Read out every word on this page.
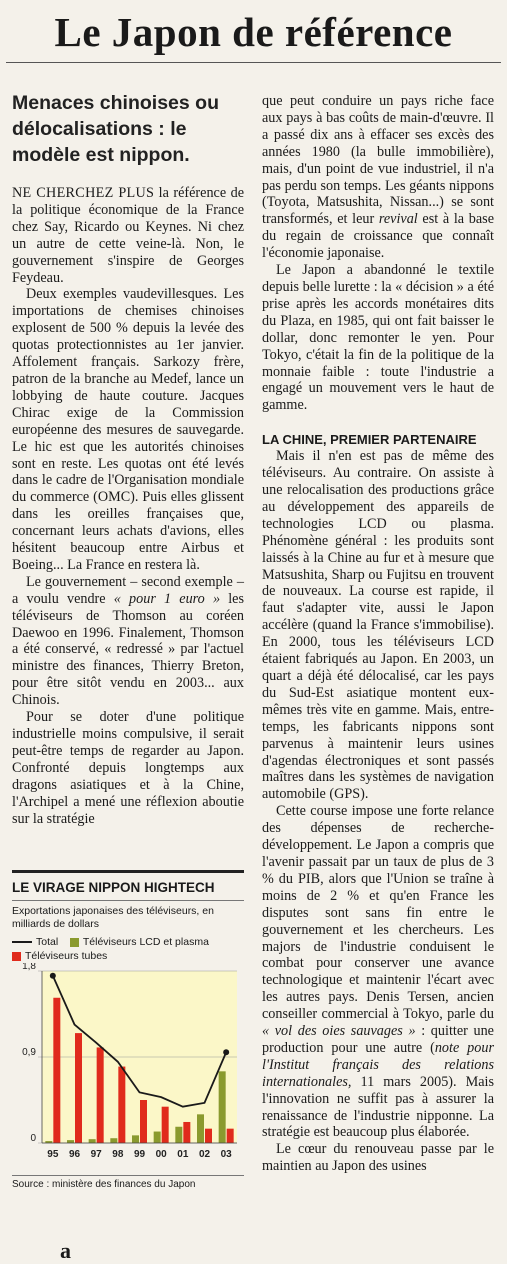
Le Japon de référence
Menaces chinoises ou délocalisations : le modèle est nippon.

NE CHERCHEZ PLUS la référence de la politique économique de la France chez Say, Ricardo ou Keynes. Ni chez un autre de cette veine-là. Non, le gouvernement s'inspire de Georges Feydeau.

Deux exemples vaudevillesques. Les importations de chemises chinoises explosent de 500 % depuis la levée des quotas protectionnistes au 1er janvier. Affolement français. Sarkozy frère, patron de la branche au Medef, lance un lobbying de haute couture. Jacques Chirac exige de la Commission européenne des mesures de sauvegarde. Le hic est que les autorités chinoises sont en reste. Les quotas ont été levés dans le cadre de l'Organisation mondiale du commerce (OMC). Puis elles glissent dans les oreilles françaises que, concernant leurs achats d'avions, elles hésitent beaucoup entre Airbus et Boeing... La France en restera là.

Le gouvernement – second exemple – a voulu vendre « pour 1 euro » les téléviseurs de Thomson au coréen Daewoo en 1996. Finalement, Thomson a été conservé, « redressé » par l'actuel ministre des finances, Thierry Breton, pour être sitôt vendu en 2003... aux Chinois.

Pour se doter d'une politique industrielle moins compulsive, il serait peut-être temps de regarder au Japon. Confronté depuis longtemps aux dragons asiatiques et à la Chine, l'Archipel a mené une réflexion aboutie sur la stratégie

que peut conduire un pays riche face aux pays à bas coûts de main-d'œuvre. Il a passé dix ans à effacer ses excès des années 1980 (la bulle immobilière), mais, d'un point de vue industriel, il n'a pas perdu son temps. Les géants nippons (Toyota, Matsushita, Nissan...) se sont transformés, et leur revival est à la base du regain de croissance que connaît l'économie japonaise.

Le Japon a abandonné le textile depuis belle lurette : la « décision » a été prise après les accords monétaires dits du Plaza, en 1985, qui ont fait baisser le dollar, donc remonter le yen. Pour Tokyo, c'était la fin de la politique de la monnaie faible : toute l'industrie a engagé un mouvement vers le haut de gamme.

LA CHINE, PREMIER PARTENAIRE

Mais il n'en est pas de même des téléviseurs. Au contraire. On assiste à une relocalisation des productions grâce au développement des appareils de technologies LCD ou plasma. Phénomène général : les produits sont laissés à la Chine au fur et à mesure que Matsushita, Sharp ou Fujitsu en trouvent de nouveaux. La course est rapide, il faut s'adapter vite, aussi le Japon accélère (quand la France s'immobilise). En 2000, tous les téléviseurs LCD étaient fabriqués au Japon. En 2003, un quart a déjà été délocalisé, car les pays du Sud-Est asiatique montent eux-mêmes très vite en gamme. Mais, entre-temps, les fabricants nippons sont parvenus à maintenir leurs usines d'agendas électroniques et sont passés maîtres dans les systèmes de navigation automobile (GPS).

Cette course impose une forte relance des dépenses de recherche-développement. Le Japon a compris que l'avenir passait par un taux de plus de 3 % du PIB, alors que l'Union se traîne à moins de 2 % et qu'en France les disputes sont sans fin entre le gouvernement et les chercheurs. Les majors de l'industrie conduisent le combat pour conserver une avance technologique et maintenir l'écart avec les autres pays. Denis Tersen, ancien conseiller commercial à Tokyo, parle du « vol des oies sauvages » : quitter une production pour une autre (note pour l'Institut français des relations internationales, 11 mars 2005). Mais l'innovation ne suffit pas à assurer la renaissance de l'industrie nipponne. La stratégie est beaucoup plus élaborée.

Le cœur du renouveau passe par le maintien au Japon des usines

LE VIRAGE NIPPON HIGHTECH
Exportations japonaises des téléviseurs, en milliards de dollars
Total Téléviseurs LCD et plasma
Téléviseurs tubes
0
0,9
1,8
95 96 97 98 99 00 01 02 03
Source : ministère des finances du Japon
a
